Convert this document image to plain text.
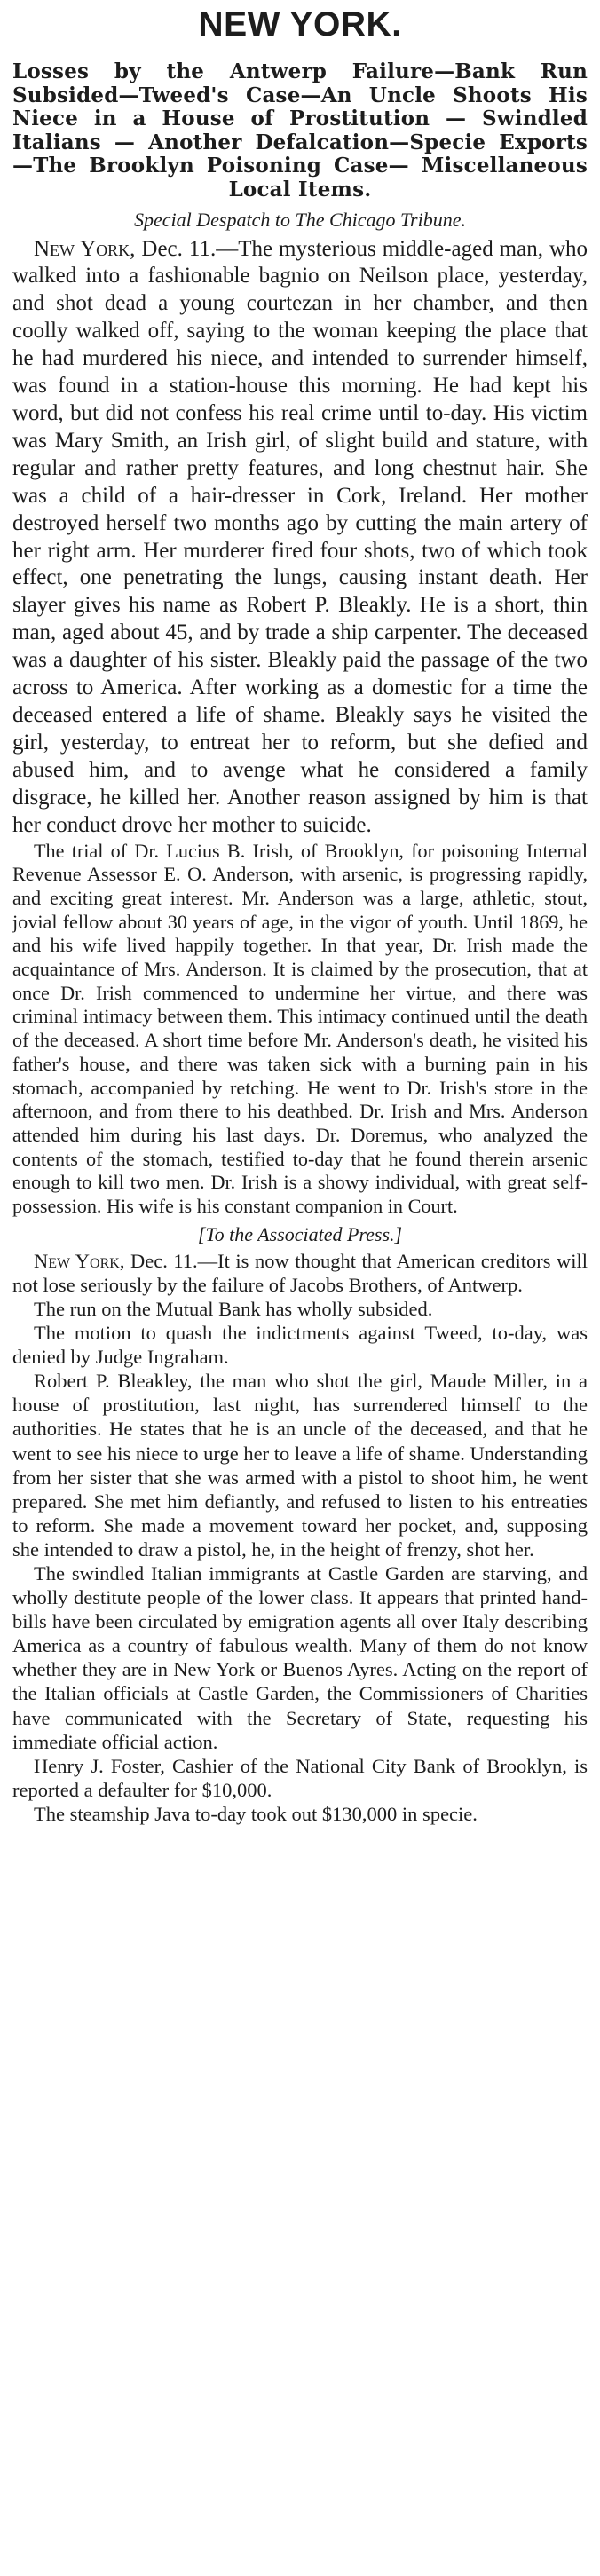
NEW YORK.
Losses by the Antwerp Failure—Bank Run Subsided—Tweed's Case—An Uncle Shoots His Niece in a House of Prostitution — Swindled Italians — Another Defalcation—Specie Exports —The Brooklyn Poisoning Case— Miscellaneous Local Items.
Special Despatch to The Chicago Tribune.

New York, Dec. 11.—The mysterious middle-aged man, who walked into a fashionable bagnio on Neilson place, yesterday, and shot dead a young courtezan in her chamber, and then coolly walked off, saying to the woman keeping the place that he had murdered his niece, and intended to surrender himself, was found in a station-house this morning. He had kept his word, but did not confess his real crime until to-day. His victim was Mary Smith, an Irish girl, of slight build and stature, with regular and rather pretty features, and long chestnut hair. She was a child of a hair-dresser in Cork, Ireland. Her mother destroyed herself two months ago by cutting the main artery of her right arm. Her murderer fired four shots, two of which took effect, one penetrating the lungs, causing instant death. Her slayer gives his name as Robert P. Bleakly. He is a short, thin man, aged about 45, and by trade a ship carpenter. The deceased was a daughter of his sister. Bleakly paid the passage of the two across to America. After working as a domestic for a time the deceased entered a life of shame. Bleakly says he visited the girl, yesterday, to entreat her to reform, but she defied and abused him, and to avenge what he considered a family disgrace, he killed her. Another reason assigned by him is that her conduct drove her mother to suicide.

The trial of Dr. Lucius B. Irish, of Brooklyn, for poisoning Internal Revenue Assessor E. O. Anderson, with arsenic, is progressing rapidly, and exciting great interest. Mr. Anderson was a large, athletic, stout, jovial fellow about 30 years of age, in the vigor of youth. Until 1869, he and his wife lived happily together. In that year, Dr. Irish made the acquaintance of Mrs. Anderson. It is claimed by the prosecution, that at once Dr. Irish commenced to undermine her virtue, and there was criminal intimacy between them. This intimacy continued until the death of the deceased. A short time before Mr. Anderson's death, he visited his father's house, and there was taken sick with a burning pain in his stomach, accompanied by retching. He went to Dr. Irish's store in the afternoon, and from there to his deathbed. Dr. Irish and Mrs. Anderson attended him during his last days. Dr. Doremus, who analyzed the contents of the stomach, testified to-day that he found therein arsenic enough to kill two men. Dr. Irish is a showy individual, with great self-possession. His wife is his constant companion in Court.

[To the Associated Press.]

New York, Dec. 11.—It is now thought that American creditors will not lose seriously by the failure of Jacobs Brothers, of Antwerp.

The run on the Mutual Bank has wholly subsided.

The motion to quash the indictments against Tweed, to-day, was denied by Judge Ingraham.

Robert P. Bleakley, the man who shot the girl, Maude Miller, in a house of prostitution, last night, has surrendered himself to the authorities. He states that he is an uncle of the deceased, and that he went to see his niece to urge her to leave a life of shame. Understanding from her sister that she was armed with a pistol to shoot him, he went prepared. She met him defiantly, and refused to listen to his entreaties to reform. She made a movement toward her pocket, and, supposing she intended to draw a pistol, he, in the height of frenzy, shot her.

The swindled Italian immigrants at Castle Garden are starving, and wholly destitute people of the lower class. It appears that printed hand-bills have been circulated by emigration agents all over Italy describing America as a country of fabulous wealth. Many of them do not know whether they are in New York or Buenos Ayres. Acting on the report of the Italian officials at Castle Garden, the Commissioners of Charities have communicated with the Secretary of State, requesting his immediate official action.

Henry J. Foster, Cashier of the National City Bank of Brooklyn, is reported a defaulter for $10,000.

The steamship Java to-day took out $130,000 in specie.
